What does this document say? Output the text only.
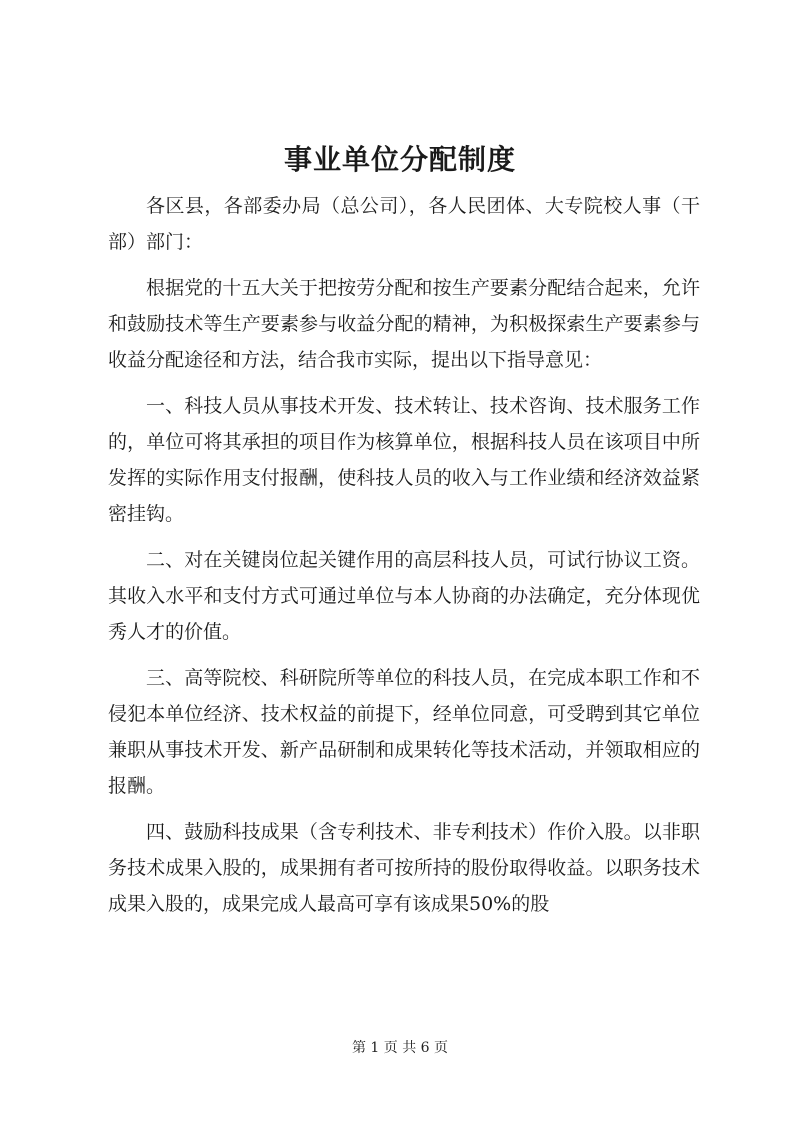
事业单位分配制度

各区县，各部委办局（总公司），各人民团体、大专院校人事（干部）部门：

根据党的十五大关于把按劳分配和按生产要素分配结合起来，允许和鼓励技术等生产要素参与收益分配的精神，为积极探索生产要素参与收益分配途径和方法，结合我市实际，提出以下指导意见：

一、科技人员从事技术开发、技术转让、技术咨询、技术服务工作的，单位可将其承担的项目作为核算单位，根据科技人员在该项目中所发挥的实际作用支付报酬，使科技人员的收入与工作业绩和经济效益紧密挂钩。

二、对在关键岗位起关键作用的高层科技人员，可试行协议工资。其收入水平和支付方式可通过单位与本人协商的办法确定，充分体现优秀人才的价值。

三、高等院校、科研院所等单位的科技人员，在完成本职工作和不侵犯本单位经济、技术权益的前提下，经单位同意，可受聘到其它单位兼职从事技术开发、新产品研制和成果转化等技术活动，并领取相应的报酬。

四、鼓励科技成果（含专利技术、非专利技术）作价入股。以非职务技术成果入股的，成果拥有者可按所持的股份取得收益。以职务技术成果入股的，成果完成人最高可享有该成果50%的股

第 1 页 共 6 页
